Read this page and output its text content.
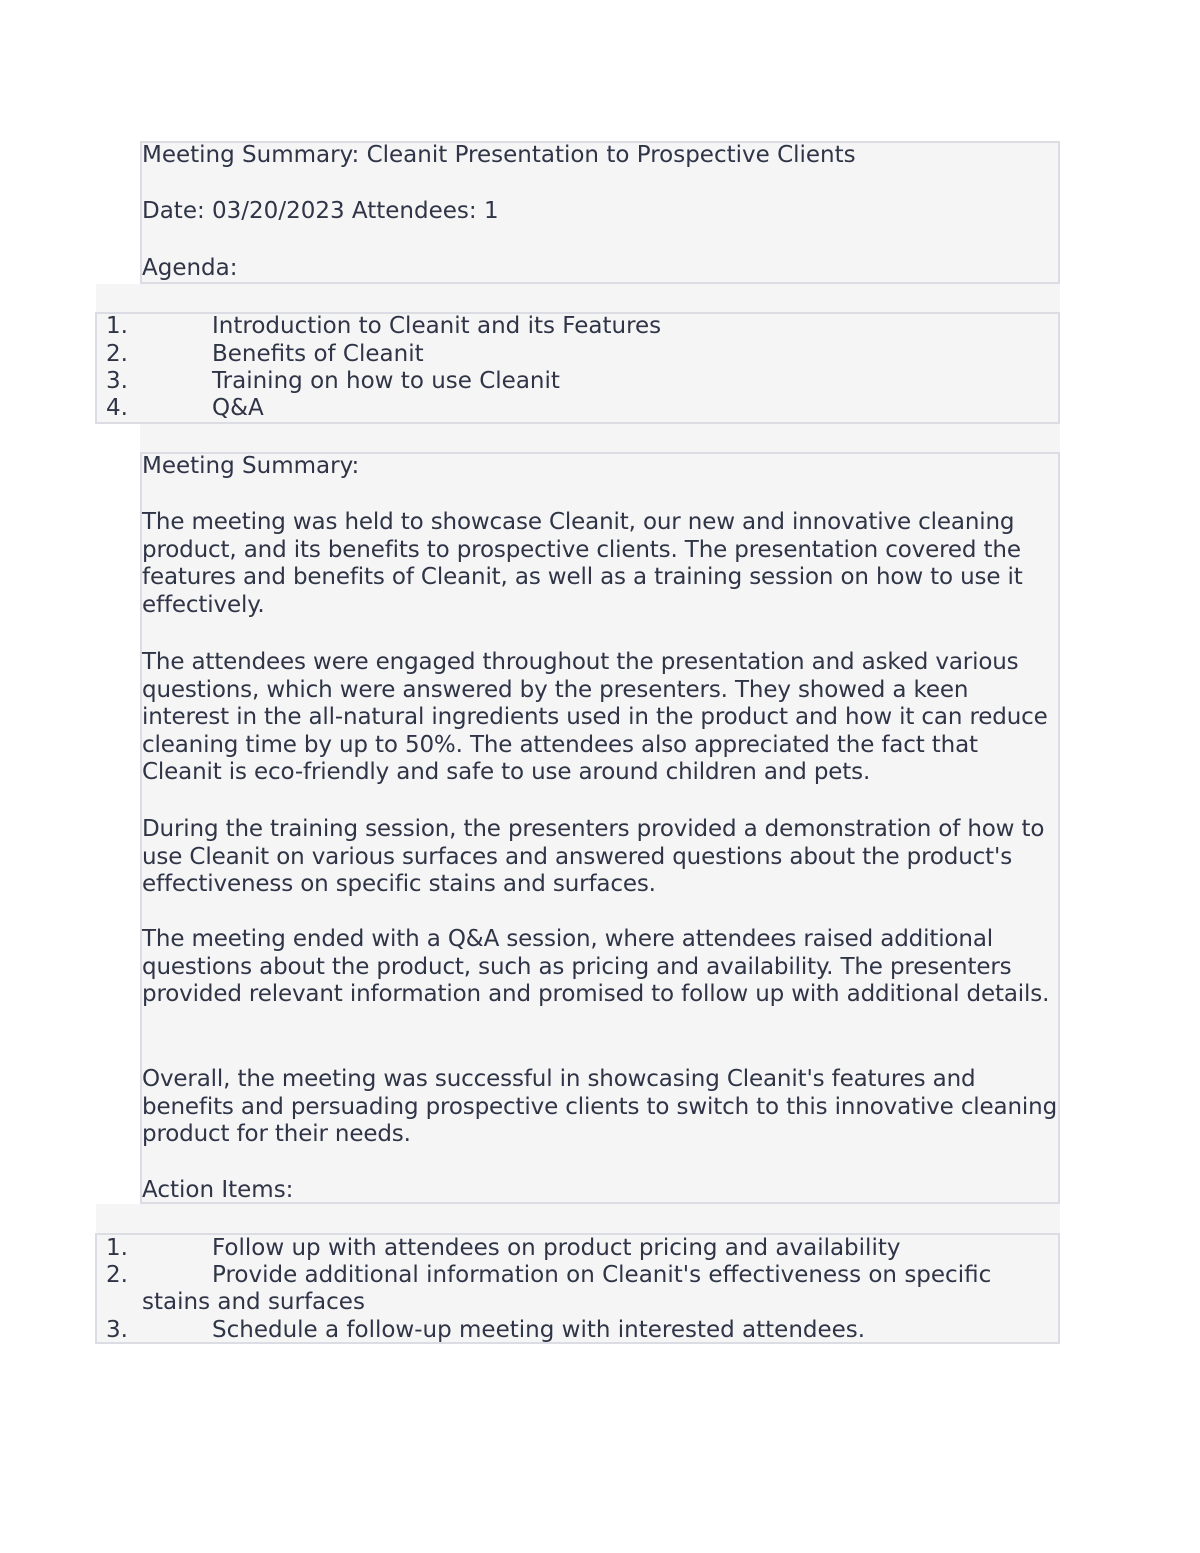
Meeting Summary: Cleanit Presentation to Prospective Clients
Date: 03/20/2023 Attendees: 1
Agenda:
1.	Introduction to Cleanit and its Features
2.	Benefits of Cleanit
3.	Training on how to use Cleanit
4.	Q&A
Meeting Summary:
The meeting was held to showcase Cleanit, our new and innovative cleaning product, and its benefits to prospective clients. The presentation covered the features and benefits of Cleanit, as well as a training session on how to use it effectively.
The attendees were engaged throughout the presentation and asked various questions, which were answered by the presenters. They showed a keen interest in the all-natural ingredients used in the product and how it can reduce cleaning time by up to 50%. The attendees also appreciated the fact that Cleanit is eco-friendly and safe to use around children and pets.
During the training session, the presenters provided a demonstration of how to use Cleanit on various surfaces and answered questions about the product's effectiveness on specific stains and surfaces.
The meeting ended with a Q&A session, where attendees raised additional questions about the product, such as pricing and availability. The presenters provided relevant information and promised to follow up with additional details.
Overall, the meeting was successful in showcasing Cleanit's features and benefits and persuading prospective clients to switch to this innovative cleaning product for their needs.
Action Items:
1.	Follow up with attendees on product pricing and availability
2.	Provide additional information on Cleanit's effectiveness on specific
stains and surfaces
3.	Schedule a follow-up meeting with interested attendees.
